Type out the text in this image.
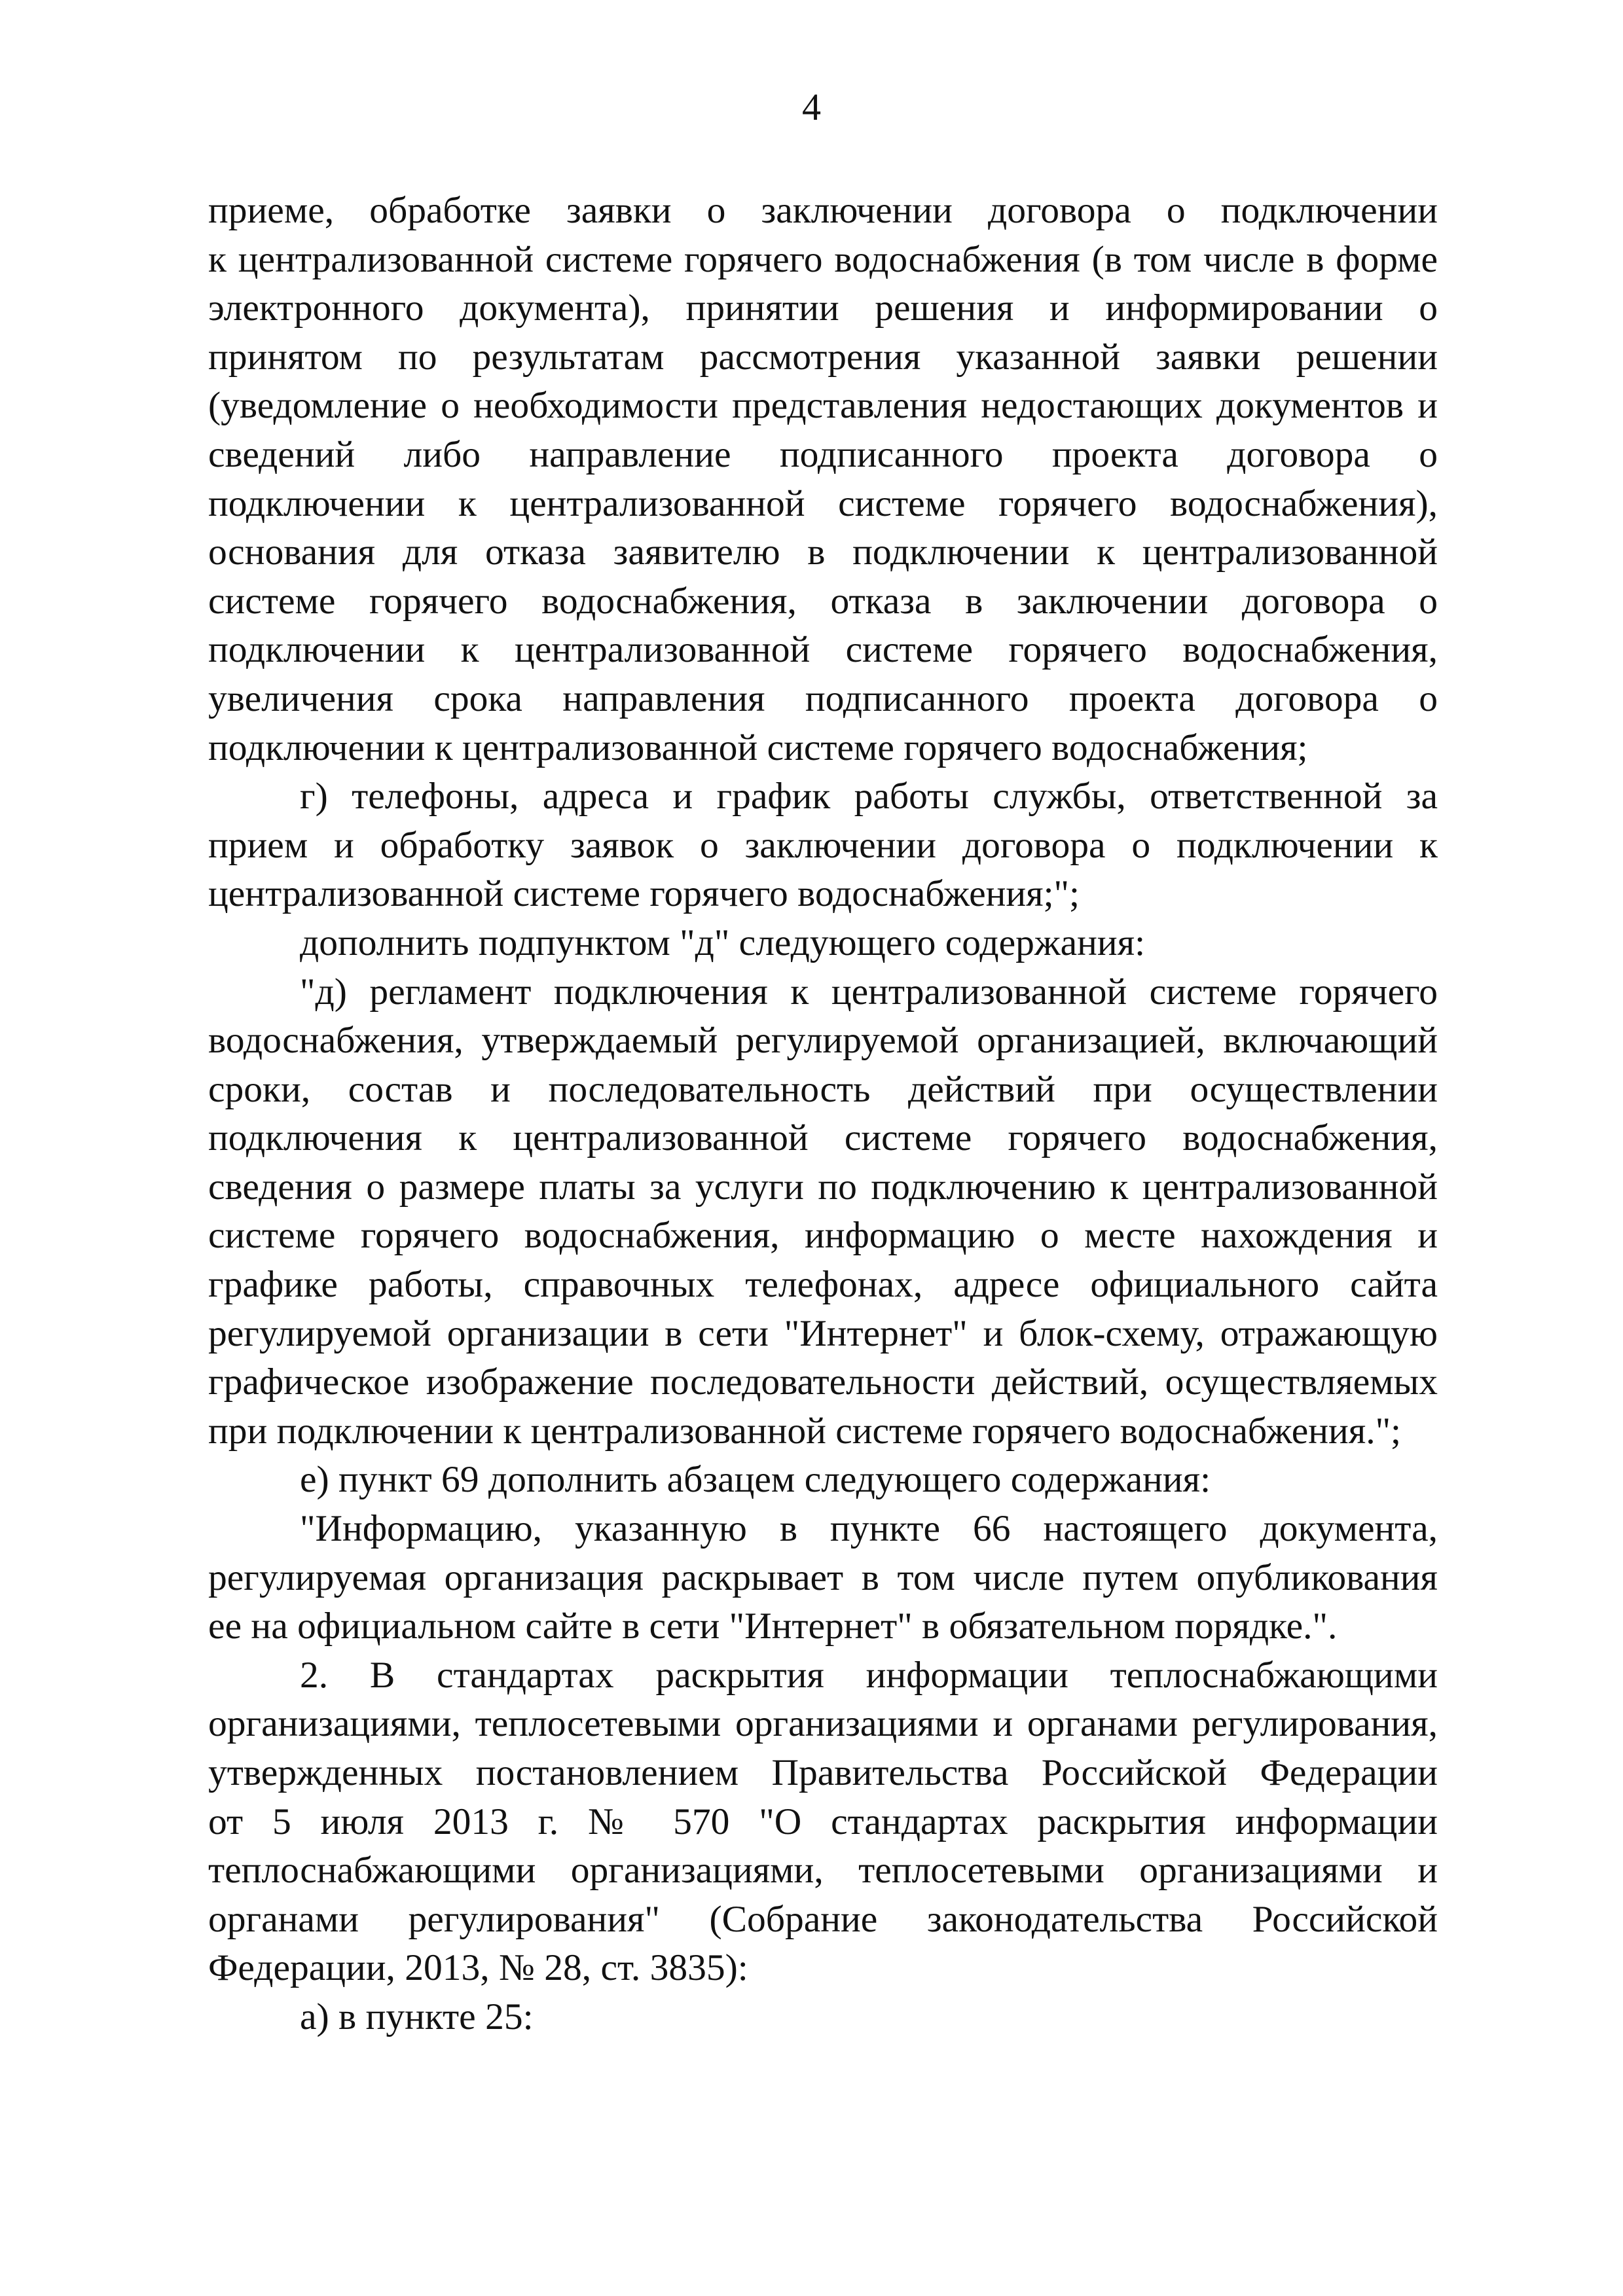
4
приеме, обработке заявки о заключении договора о подключении
к централизованной системе горячего водоснабжения (в том числе в форме
электронного документа), принятии решения и информировании о
принятом по результатам рассмотрения указанной заявки решении
(уведомление о необходимости представления недостающих документов и
сведений либо направление подписанного проекта договора о
подключении к централизованной системе горячего водоснабжения),
основания для отказа заявителю в подключении к централизованной
системе горячего водоснабжения, отказа в заключении договора о
подключении к централизованной системе горячего водоснабжения,
увеличения срока направления подписанного проекта договора о
подключении к централизованной системе горячего водоснабжения;
г) телефоны, адреса и график работы службы, ответственной за
прием и обработку заявок о заключении договора о подключении к
централизованной системе горячего водоснабжения;";
дополнить подпунктом "д" следующего содержания:
"д) регламент подключения к централизованной системе горячего
водоснабжения, утверждаемый регулируемой организацией, включающий
сроки, состав и последовательность действий при осуществлении
подключения к централизованной системе горячего водоснабжения,
сведения о размере платы за услуги по подключению к централизованной
системе горячего водоснабжения, информацию о месте нахождения и
графике работы, справочных телефонах, адресе официального сайта
регулируемой организации в сети "Интернет" и блок-схему, отражающую
графическое изображение последовательности действий, осуществляемых
при подключении к централизованной системе горячего водоснабжения.";
е) пункт 69 дополнить абзацем следующего содержания:
"Информацию, указанную в пункте 66 настоящего документа,
регулируемая организация раскрывает в том числе путем опубликования
ее на официальном сайте в сети "Интернет" в обязательном порядке.".
2. В стандартах раскрытия информации теплоснабжающими
организациями, теплосетевыми организациями и органами регулирования,
утвержденных постановлением Правительства Российской Федерации
от 5 июля 2013 г. № 570 "О стандартах раскрытия информации
теплоснабжающими организациями, теплосетевыми организациями и
органами регулирования" (Собрание законодательства Российской
Федерации, 2013, № 28, ст. 3835):
а) в пункте 25:
